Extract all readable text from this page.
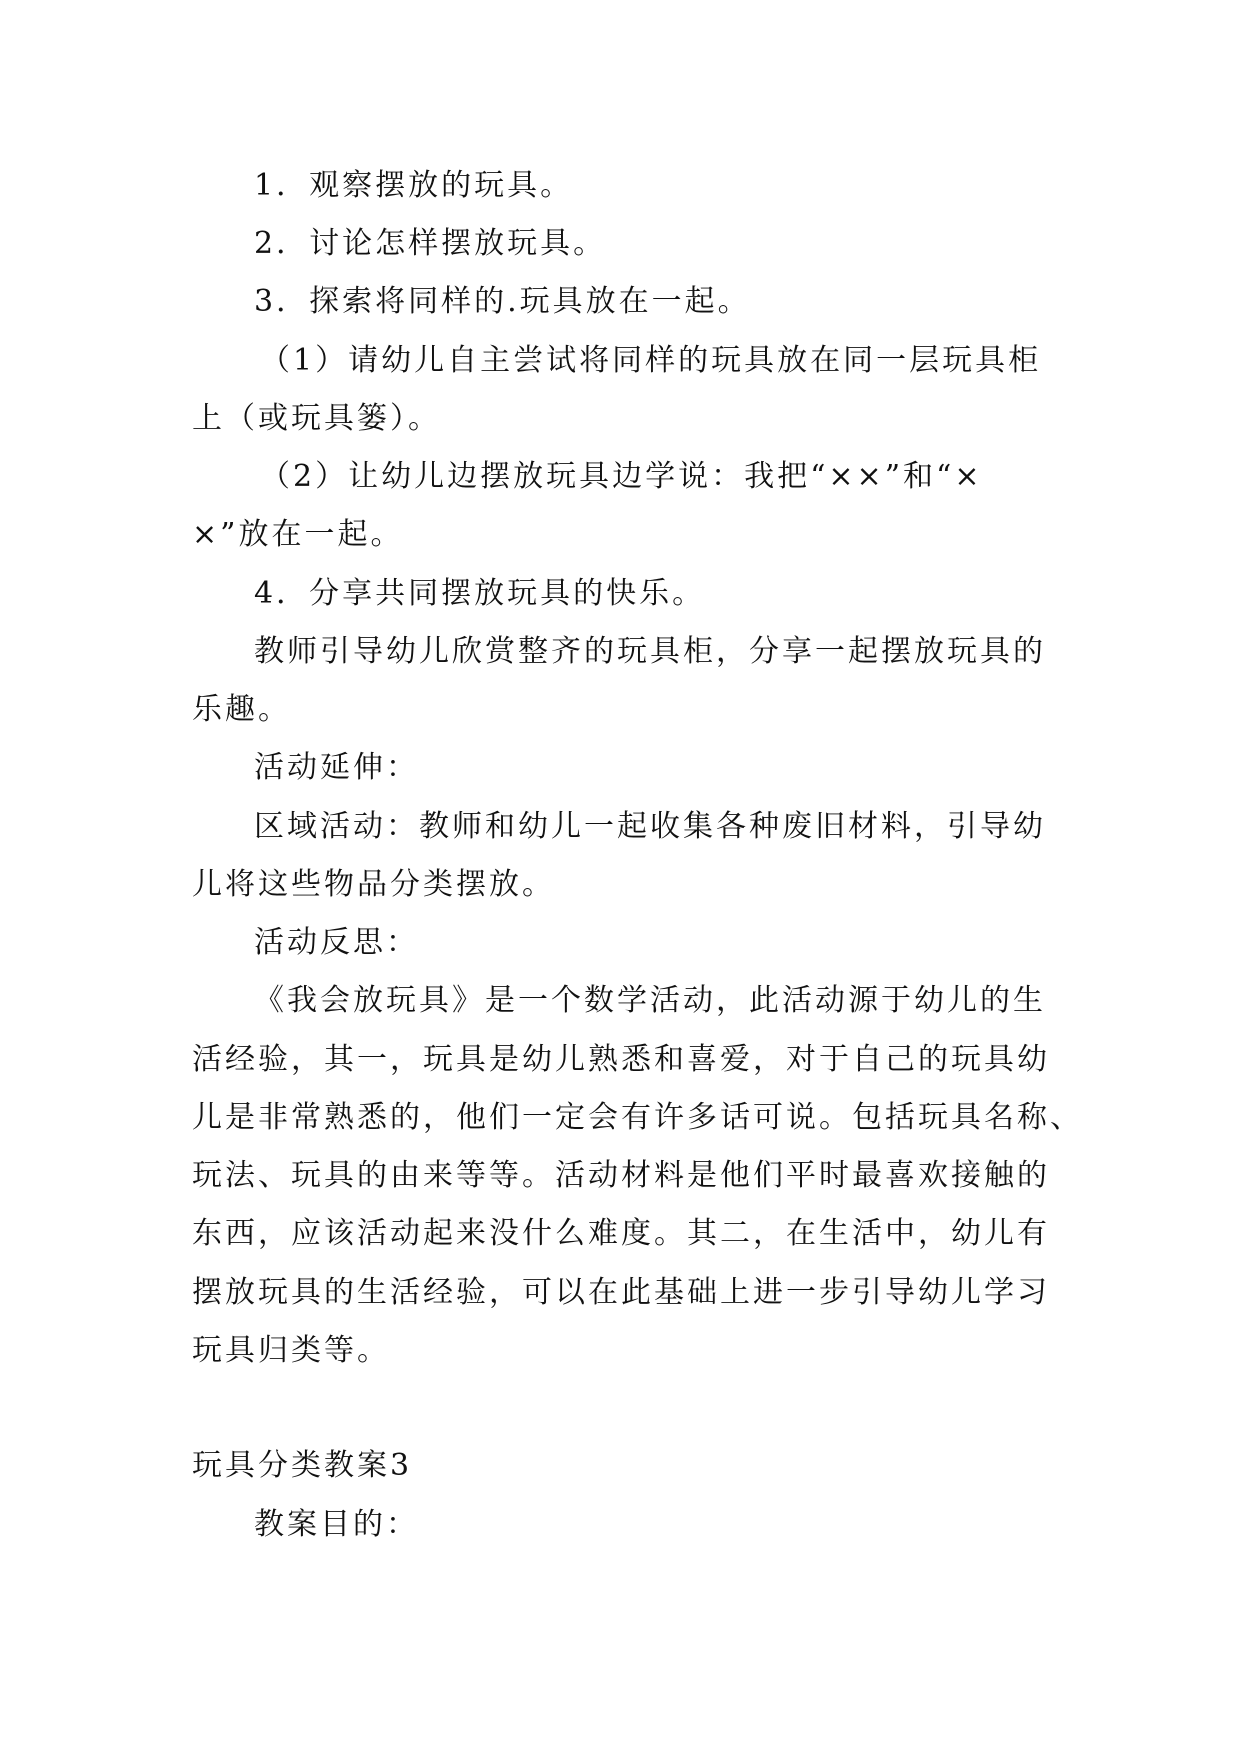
1．观察摆放的玩具。
2．讨论怎样摆放玩具。
3．探索将同样的.玩具放在一起。
（1）请幼儿自主尝试将同样的玩具放在同一层玩具柜
上（或玩具篓）。
（2）让幼儿边摆放玩具边学说：我把“××”和“×
×”放在一起。
4．分享共同摆放玩具的快乐。
教师引导幼儿欣赏整齐的玩具柜，分享一起摆放玩具的
乐趣。
活动延伸：
区域活动：教师和幼儿一起收集各种废旧材料，引导幼
儿将这些物品分类摆放。
活动反思：
《我会放玩具》是一个数学活动，此活动源于幼儿的生
活经验，其一，玩具是幼儿熟悉和喜爱，对于自己的玩具幼
儿是非常熟悉的，他们一定会有许多话可说。包括玩具名称、
玩法、玩具的由来等等。活动材料是他们平时最喜欢接触的
东西，应该活动起来没什么难度。其二，在生活中，幼儿有
摆放玩具的生活经验，可以在此基础上进一步引导幼儿学习
玩具归类等。
玩具分类教案3
教案目的：
